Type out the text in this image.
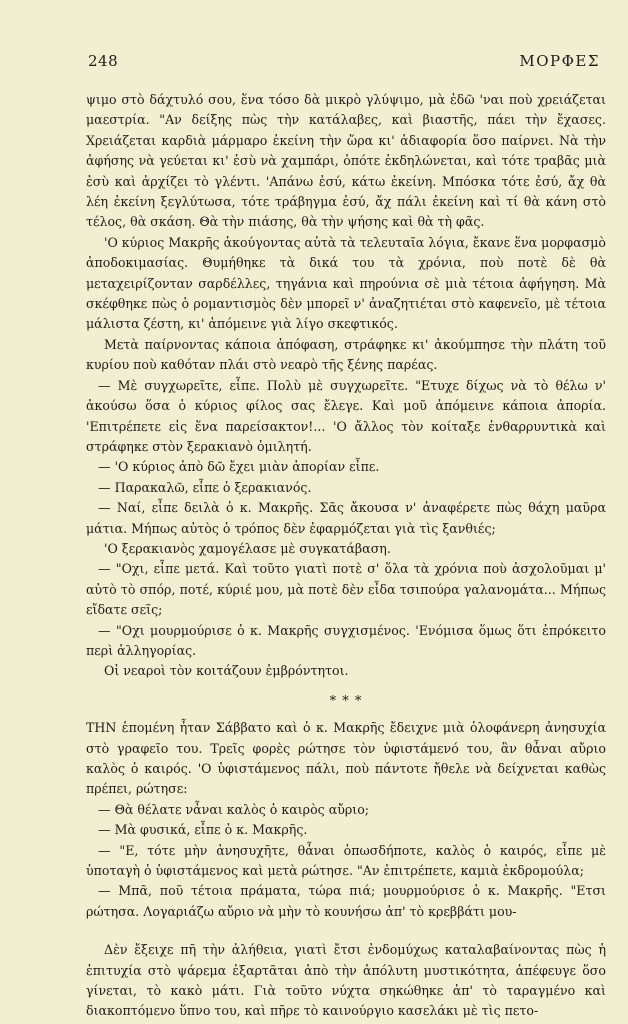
248	ΜΟΡΦΕΣ

ψιμο στὸ δάχτυλό σου, ἕνα τόσο δὰ μικρὸ γλύψιμο, μὰ ἐδῶ 'ναι ποὺ χρειάζεται μαεστρία. "Αν δείξης πὼς τὴν κατάλαβες, καὶ βιαστῆς, πάει τὴν ἔχασες. Χρειάζεται καρδιὰ μάρμαρο ἐκείνη τὴν ὥρα κι' ἀδιαφορία ὅσο παίρνει. Νὰ τὴν ἀφήσης νὰ γεύεται κι' ἐσὺ νὰ χαμπάρι, ὁπότε ἐκδηλώνεται, καὶ τότε τραβᾶς μιὰ ἐσὺ καὶ ἀρχίζει τὸ γλέντι. 'Απάνω ἐσύ, κάτω ἐκείνη. Μπόσκα τότε ἐσύ, ἄχ θὰ λέη ἐκείνη ξεγλύτωσα, τότε τράβηγμα ἐσύ, ἄχ πάλι ἐκείνη καὶ τί θὰ κάνη στὸ τέλος, θὰ σκάση. Θὰ τὴν πιάσης, θὰ τὴν ψήσης καὶ θὰ τὴ φᾶς.

'Ο κύριος Μακρῆς ἀκούγοντας αὐτὰ τὰ τελευταῖα λόγια, ἔκανε ἕνα μορφασμὸ ἀποδοκιμασίας. Θυμήθηκε τὰ δικά του τὰ χρόνια, ποὺ ποτὲ δὲ θὰ μεταχειρίζονταν σαρδέλλες, τηγάνια καὶ πηρούνια σὲ μιὰ τέτοια ἀφήγηση. Μὰ σκέφθηκε πὼς ὁ ρομαντισμὸς δὲν μπορεῖ ν' ἀναζητιέται στὸ καφενεῖο, μὲ τέτοια μάλιστα ζέστη, κι' ἀπόμεινε γιὰ λίγο σκεφτικός.

Μετὰ παίρνοντας κάποια ἀπόφαση, στράφηκε κι' ἀκούμπησε τὴν πλάτη τοῦ κυρίου ποὺ καθόταν πλάι στὸ νεαρὸ τῆς ξένης παρέας.

— Μὲ συγχωρεῖτε, εἶπε. Πολὺ μὲ συγχωρεῖτε. "Ετυχε δίχως νὰ τὸ θέλω ν' ἀκούσω ὅσα ὁ κύριος φίλος σας ἔλεγε. Καὶ μοῦ ἀπόμεινε κάποια ἀπορία. 'Επιτρέπετε εἰς ἕνα παρείσακτον!... 'Ο ἄλλος τὸν κοίταξε ἐνθαρρυντικὰ καὶ στράφηκε στὸν ξερακιανὸ ὁμιλητή.

— 'Ο κύριος ἀπὸ δῶ ἔχει μιὰν ἀπορίαν εἶπε.

— Παρακαλῶ, εἶπε ὁ ξερακιανός.

— Ναί, εἶπε δειλὰ ὁ κ. Μακρῆς. Σᾶς ἄκουσα ν' ἀναφέρετε πὼς θάχη μαῦρα μάτια. Μήπως αὐτὸς ὁ τρόπος δὲν ἐφαρμόζεται γιὰ τὶς ξανθιές;

'Ο ξερακιανὸς χαμογέλασε μὲ συγκατάβαση.

— "Οχι, εἶπε μετά. Καὶ τοῦτο γιατὶ ποτὲ σ' ὅλα τὰ χρόνια ποὺ ἀσχολοῦμαι μ' αὐτὸ τὸ σπόρ, ποτέ, κύριέ μου, μὰ ποτὲ δὲν εἶδα τσιπούρα γαλανομάτα... Μήπως εἴδατε σεῖς;

— "Οχι μουρμούρισε ὁ κ. Μακρῆς συγχισμένος. 'Ενόμισα ὅμως ὅτι ἐπρόκειτο περὶ ἀλληγορίας.

Οἱ νεαροὶ τὸν κοιτάζουν ἐμβρόντητοι.

* * *

ΤΗΝ ἑπομένη ἦταν Σάββατο καὶ ὁ κ. Μακρῆς ἔδειχνε μιὰ ὁλοφάνερη ἀνησυχία στὸ γραφεῖο του. Τρεῖς φορὲς ρώτησε τὸν ὑφιστάμενό του, ἂν θἆναι αὔριο καλὸς ὁ καιρός. 'Ο ὑφιστάμενος πάλι, ποὺ πάντοτε ἤθελε νὰ δείχνεται καθὼς πρέπει, ρώτησε:

— Θὰ θέλατε νἆναι καλὸς ὁ καιρὸς αὔριο;

— Μὰ φυσικά, εἶπε ὁ κ. Μακρῆς.

— "Ε, τότε μὴν ἀνησυχῆτε, θἆναι ὁπωσδήποτε, καλὸς ὁ καιρός, εἶπε μὲ ὑποταγὴ ὁ ὑφιστάμενος καὶ μετὰ ρώτησε. "Αν ἐπιτρέπετε, καμιὰ ἐκδρομούλα;

— Μπᾶ, ποῦ τέτοια πράματα, τώρα πιά; μουρμούρισε ὁ κ. Μακρῆς. "Ετσι ρώτησα. Λογαριάζω αὔριο νὰ μὴν τὸ κουνήσω ἀπ' τὸ κρεββάτι μου-

Δὲν ἔξειχε πῆ τὴν ἀλήθεια, γιατὶ ἔτσι ἐνδομύχως καταλαβαίνοντας πὼς ἡ ἐπιτυχία στὸ ψάρεμα ἐξαρτᾶται ἀπὸ τὴν ἀπόλυτη μυστικότητα, ἀπέφευγε ὅσο γίνεται, τὸ κακὸ μάτι. Γιὰ τοῦτο νύχτα σηκώθηκε ἀπ' τὸ ταραγμένο καὶ διακοπτόμενο ὕπνο του, καὶ πῆρε τὸ καινούργιο κασελάκι μὲ τὶς πετο-
